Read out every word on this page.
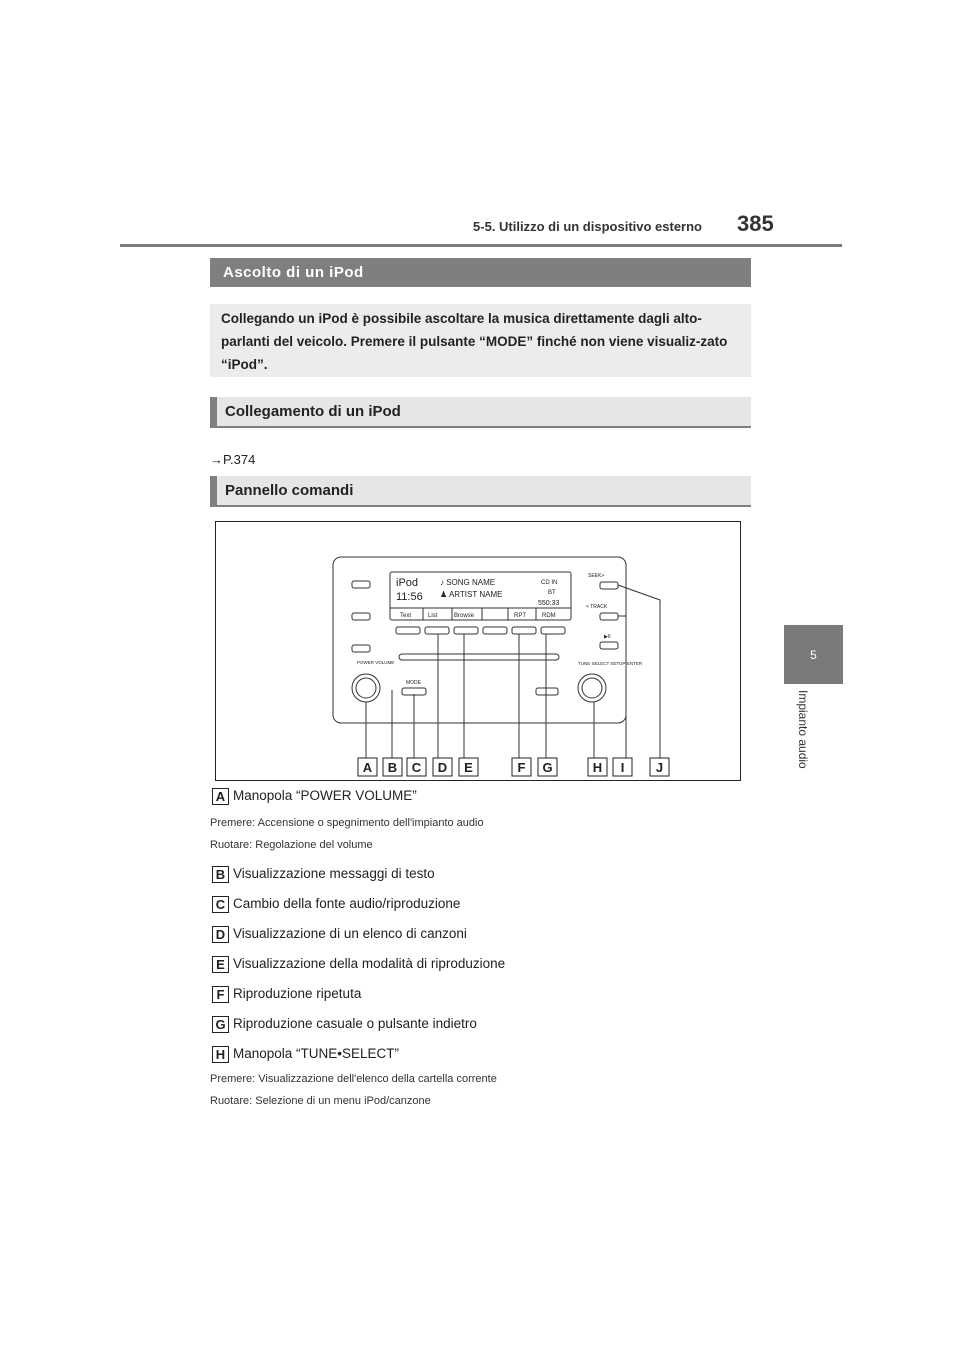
5-5. Utilizzo di un dispositivo esterno 385
5
Impianto audio
Ascolto di un iPod
Collegando un iPod è possibile ascoltare la musica direttamente dagli alto-parlanti del veicolo. Premere il pulsante “MODE” finché non viene visualiz-zato “iPod”.
Collegamento di un iPod
→P.374
Pannello comandi
iPod
11:56
♪ SONG NAME
♟ ARTIST NAME
CD IN
BT
550:33
Text	List	Browse	RPT	RDM
POWER VOLUME
MODE
SEEK>
< TRACK
▶II
TUNE·SELECT SETUP·ENTER
A B C D E	F G	H I J
A Manopola “POWER VOLUME”
Premere: Accensione o spegnimento dell'impianto audio
Ruotare: Regolazione del volume
B Visualizzazione messaggi di testo
C Cambio della fonte audio/riproduzione
D Visualizzazione di un elenco di canzoni
E Visualizzazione della modalità di riproduzione
F Riproduzione ripetuta
G Riproduzione casuale o pulsante indietro
H Manopola “TUNE•SELECT”
Premere: Visualizzazione dell'elenco della cartella corrente
Ruotare: Selezione di un menu iPod/canzone
